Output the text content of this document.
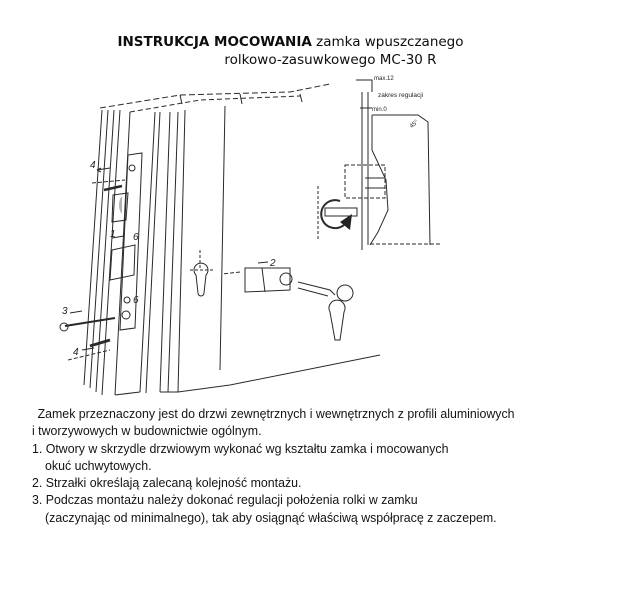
INSTRUKCJA MOCOWANIA zamka wpuszczanego
rolkowo-zasuwkowego MC-30 R
max.12
zakres regulacji
min.0
45°
4
1 6
6
3
4
2

Zamek przeznaczony jest do drzwi zewnętrznych i wewnętrznych z profili aluminiowych

i tworzywowych w budownictwie ogólnym.

1. Otwory w skrzydle drzwiowym wykonać wg kształtu zamka i mocowanych

okuć uchwytowych.

2. Strzałki określają zalecaną kolejność montażu.

3. Podczas montażu należy dokonać regulacji położenia rolki w zamku

(zaczynając od minimalnego), tak aby osiągnąć właściwą współpracę z zaczepem.
